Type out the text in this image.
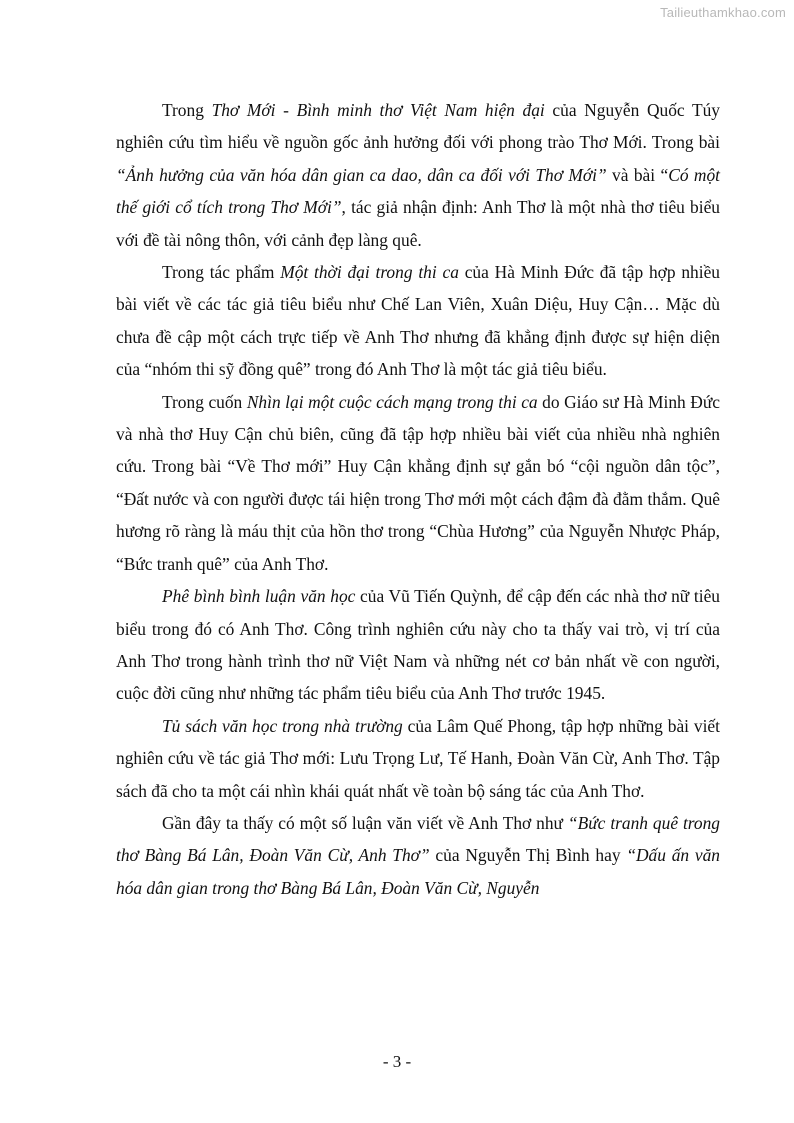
Tailieuthamkhao.com

Trong Thơ Mới - Bình minh thơ Việt Nam hiện đại của Nguyễn Quốc Túy nghiên cứu tìm hiểu về nguồn gốc ảnh hưởng đối với phong trào Thơ Mới. Trong bài “Ảnh hưởng của văn hóa dân gian ca dao, dân ca đối với Thơ Mới” và bài “Có một thế giới cổ tích trong Thơ Mới”, tác giả nhận định: Anh Thơ là một nhà thơ tiêu biểu với đề tài nông thôn, với cảnh đẹp làng quê.

Trong tác phẩm Một thời đại trong thi ca của Hà Minh Đức đã tập hợp nhiều bài viết về các tác giả tiêu biểu như Chế Lan Viên, Xuân Diệu, Huy Cận… Mặc dù chưa đề cập một cách trực tiếp về Anh Thơ nhưng đã khẳng định được sự hiện diện của “nhóm thi sỹ đồng quê” trong đó Anh Thơ là một tác giả tiêu biểu.

Trong cuốn Nhìn lại một cuộc cách mạng trong thi ca do Giáo sư Hà Minh Đức và nhà thơ Huy Cận chủ biên, cũng đã tập hợp nhiều bài viết của nhiều nhà nghiên cứu. Trong bài “Về Thơ mới” Huy Cận khẳng định sự gắn bó “cội nguồn dân tộc”, “Đất nước và con người được tái hiện trong Thơ mới một cách đậm đà đằm thắm. Quê hương rõ ràng là máu thịt của hồn thơ trong “Chùa Hương” của Nguyễn Nhược Pháp, “Bức tranh quê” của Anh Thơ.

Phê bình bình luận văn học của Vũ Tiến Quỳnh, để cập đến các nhà thơ nữ tiêu biểu trong đó có Anh Thơ. Công trình nghiên cứu này cho ta thấy vai trò, vị trí của Anh Thơ trong hành trình thơ nữ Việt Nam và những nét cơ bản nhất về con người, cuộc đời cũng như những tác phẩm tiêu biểu của Anh Thơ trước 1945.

Tủ sách văn học trong nhà trường của Lâm Quế Phong, tập hợp những bài viết nghiên cứu về tác giả Thơ mới: Lưu Trọng Lư, Tế Hanh, Đoàn Văn Cừ, Anh Thơ. Tập sách đã cho ta một cái nhìn khái quát nhất về toàn bộ sáng tác của Anh Thơ.

Gần đây ta thấy có một số luận văn viết về Anh Thơ như “Bức tranh quê trong thơ Bàng Bá Lân, Đoàn Văn Cừ, Anh Thơ” của Nguyễn Thị Bình hay “Dấu ấn văn hóa dân gian trong thơ Bàng Bá Lân, Đoàn Văn Cừ, Nguyễn

- 3 -
